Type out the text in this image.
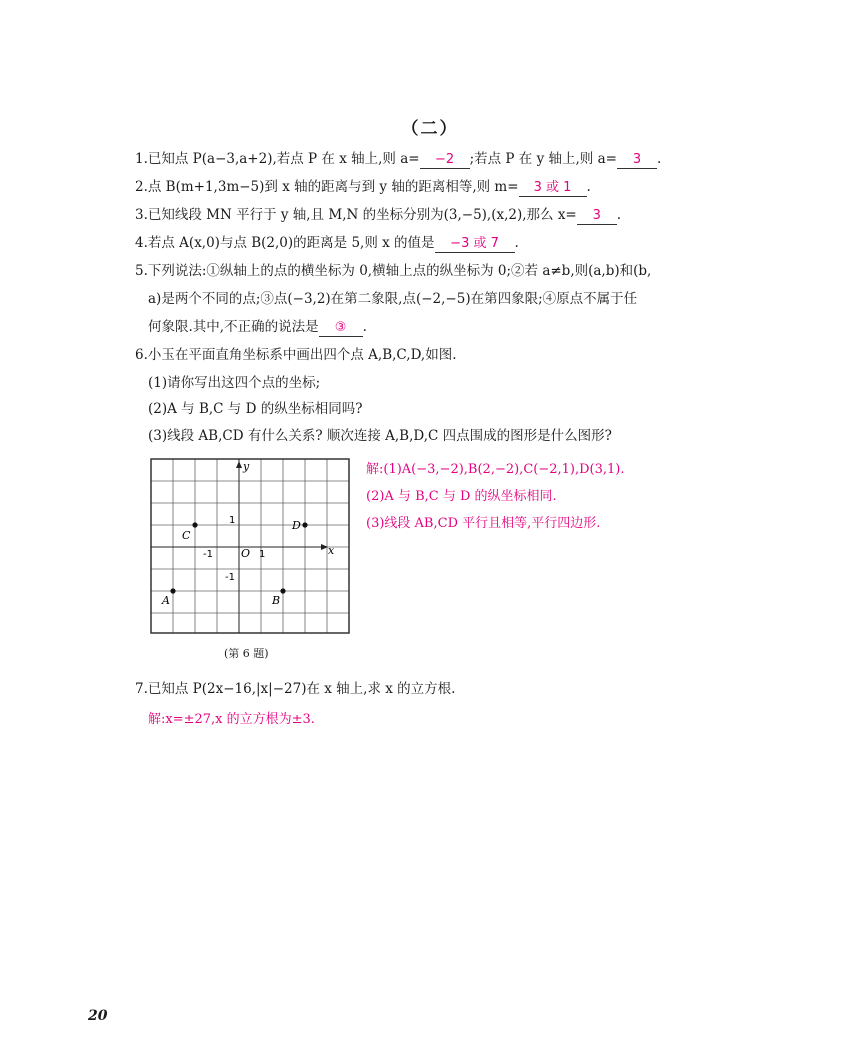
（二）
1.已知点 P(a−3,a+2),若点 P 在 x 轴上,则 a= −2 ;若点 P 在 y 轴上,则 a= 3 .
2.点 B(m+1,3m−5)到 x 轴的距离与到 y 轴的距离相等,则 m= 3 或 1 .
3.已知线段 MN 平行于 y 轴,且 M,N 的坐标分别为(3,−5),(x,2),那么 x= 3 .
4.若点 A(x,0)与点 B(2,0)的距离是 5,则 x 的值是 −3 或 7 .
5.下列说法:①纵轴上的点的横坐标为 0,横轴上点的纵坐标为 0;②若 a≠b,则(a,b)和(b,
a)是两个不同的点;③点(−3,2)在第二象限,点(−2,−5)在第四象限;④原点不属于任
何象限.其中,不正确的说法是 ③ .
6.小玉在平面直角坐标系中画出四个点 A,B,C,D,如图.
(1)请你写出这四个点的坐标;
(2)A 与 B,C 与 D 的纵坐标相同吗?
(3)线段 AB,CD 有什么关系? 顺次连接 A,B,D,C 四点围成的图形是什么图形?
y
x
O 1
-1
1
-1
A	B
C
D
(第 6 题)
解:(1)A(−3,−2),B(2,−2),C(−2,1),D(3,1).
(2)A 与 B,C 与 D 的纵坐标相同.
(3)线段 AB,CD 平行且相等,平行四边形.
7.已知点 P(2x−16,|x|−27)在 x 轴上,求 x 的立方根.
解:x=±27,x 的立方根为±3.
20
